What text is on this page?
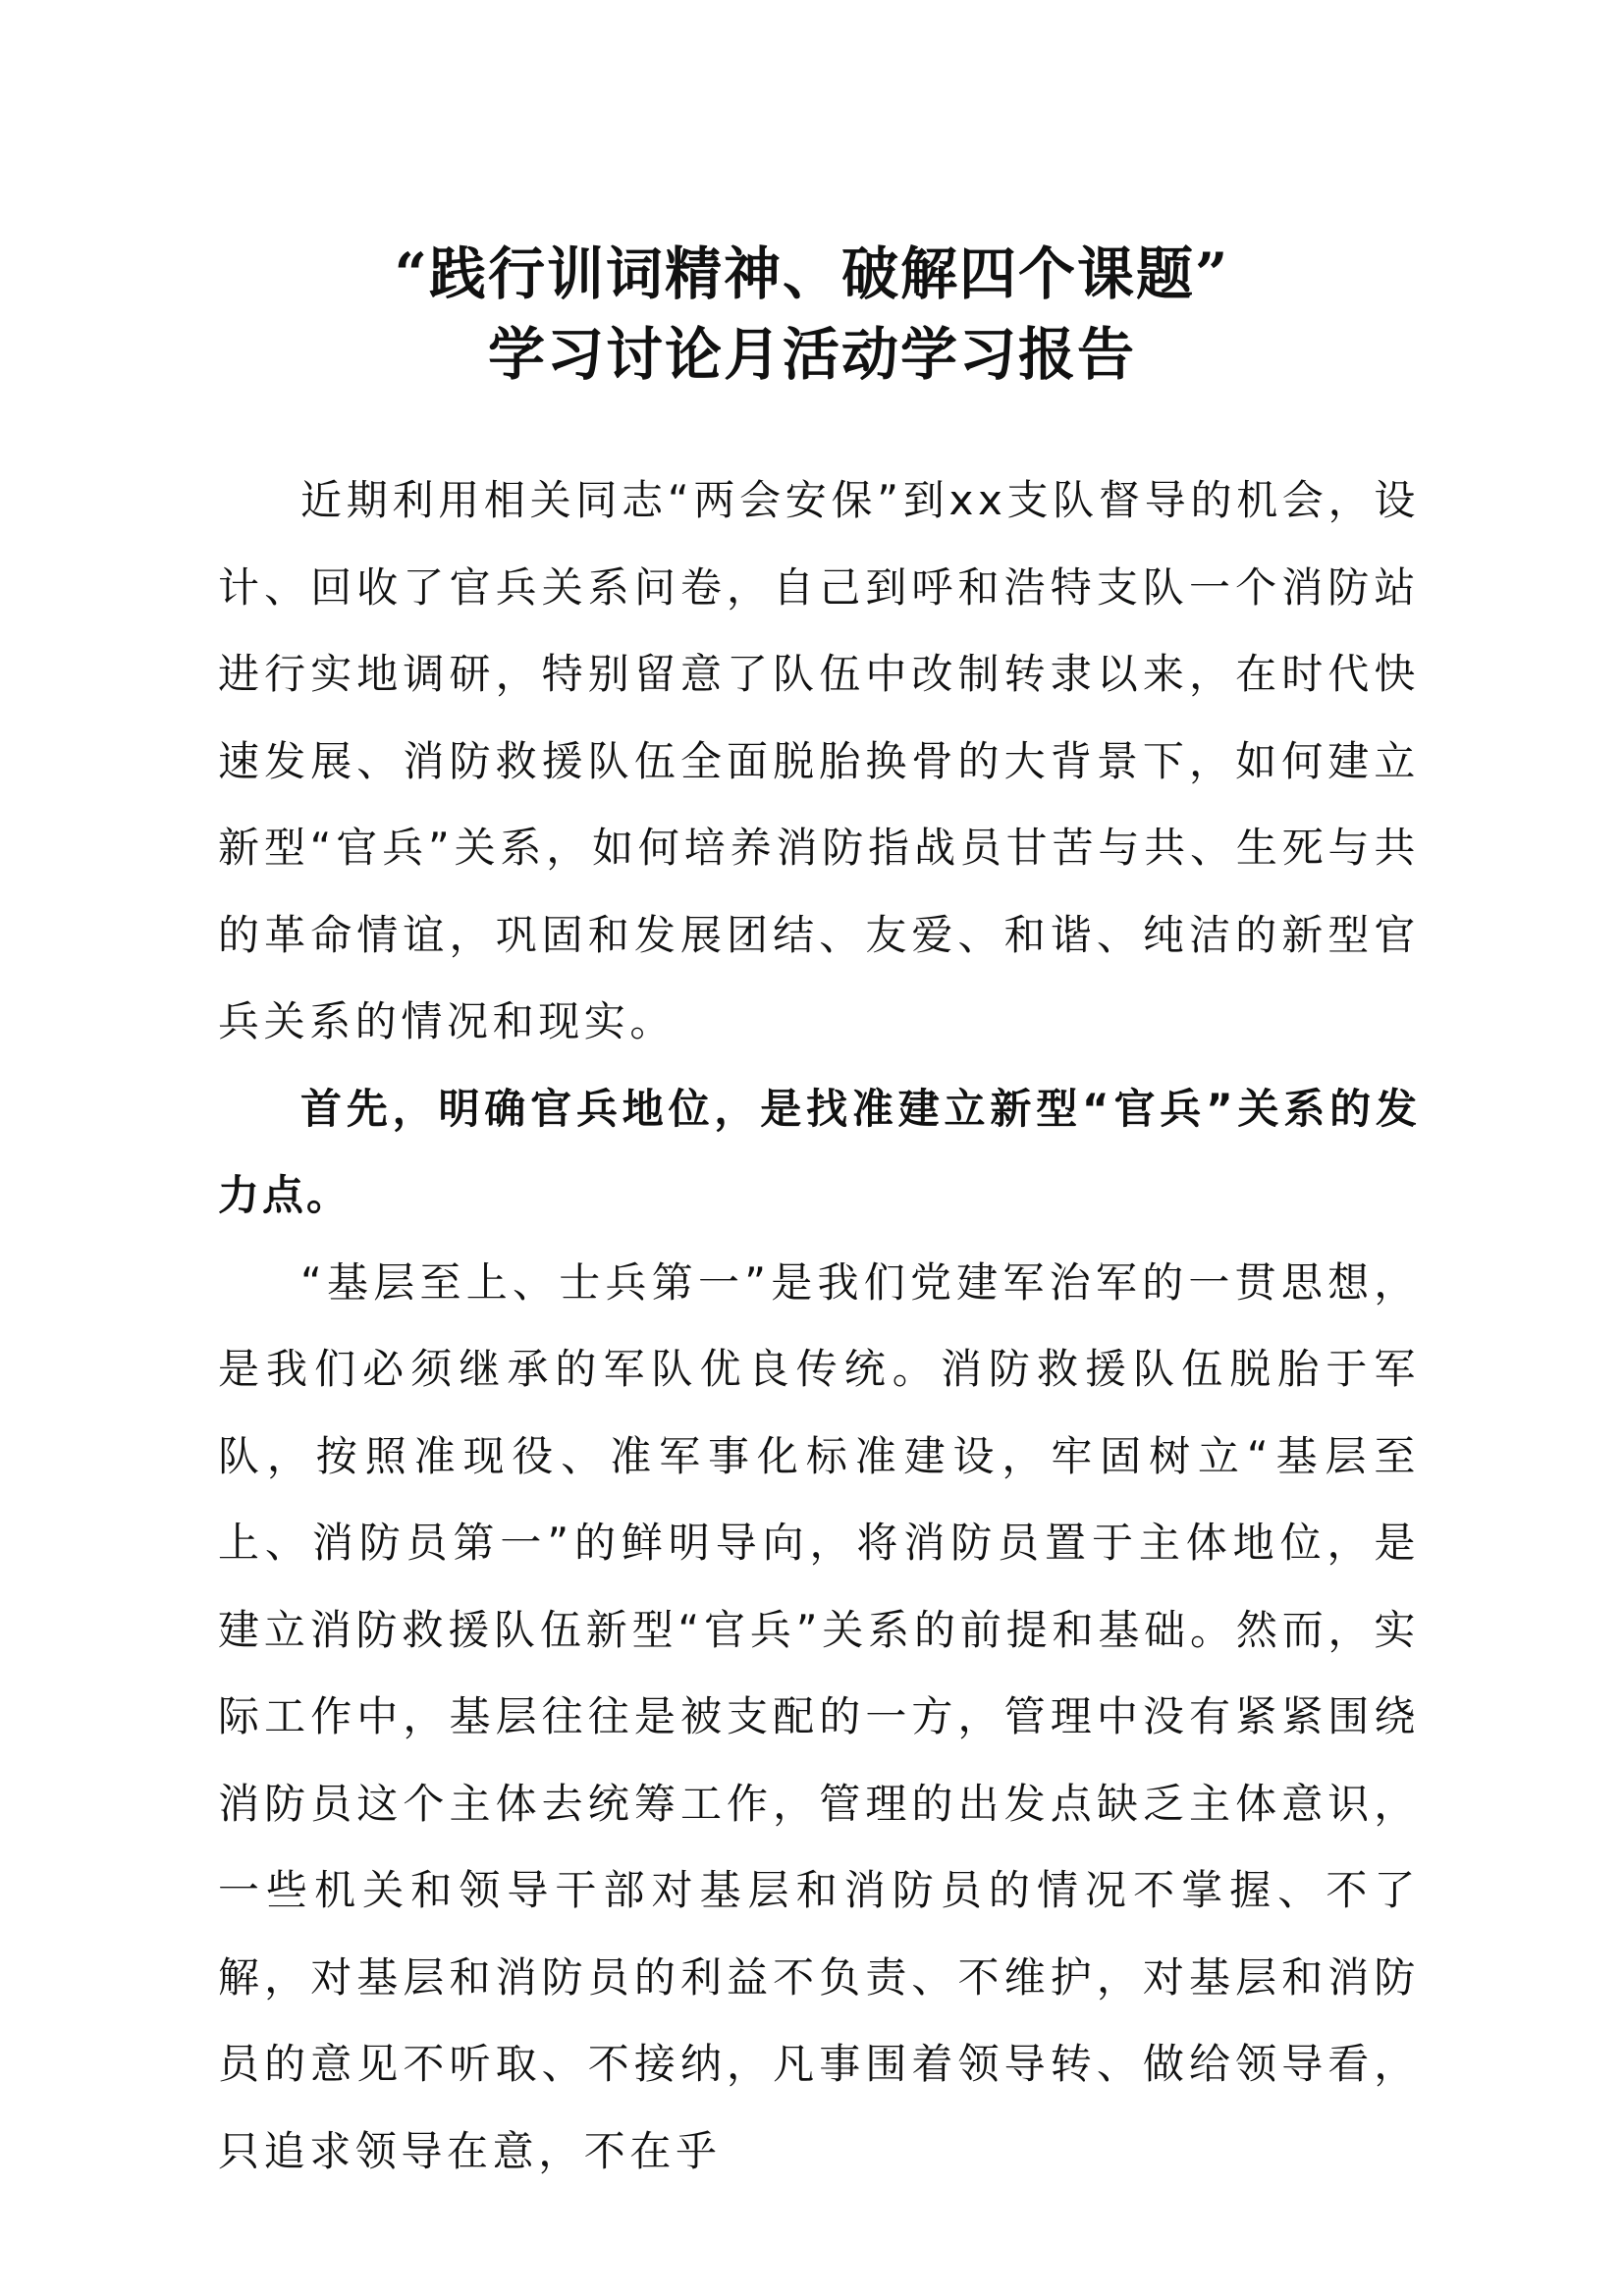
“践行训词精神、破解四个课题”
学习讨论月活动学习报告

近期利用相关同志“两会安保”到xx支队督导的机会，设计、回收了官兵关系问卷，自己到呼和浩特支队一个消防站进行实地调研，特别留意了队伍中改制转隶以来，在时代快速发展、消防救援队伍全面脱胎换骨的大背景下，如何建立新型“官兵”关系，如何培养消防指战员甘苦与共、生死与共的革命情谊，巩固和发展团结、友爱、和谐、纯洁的新型官兵关系的情况和现实。

首先，明确官兵地位，是找准建立新型“官兵”关系的发力点。

“基层至上、士兵第一”是我们党建军治军的一贯思想，是我们必须继承的军队优良传统。消防救援队伍脱胎于军队，按照准现役、准军事化标准建设，牢固树立“基层至上、消防员第一”的鲜明导向，将消防员置于主体地位，是建立消防救援队伍新型“官兵”关系的前提和基础。然而，实际工作中，基层往往是被支配的一方，管理中没有紧紧围绕消防员这个主体去统筹工作，管理的出发点缺乏主体意识，一些机关和领导干部对基层和消防员的情况不掌握、不了解，对基层和消防员的利益不负责、不维护，对基层和消防员的意见不听取、不接纳，凡事围着领导转、做给领导看，只追求领导在意，不在乎
